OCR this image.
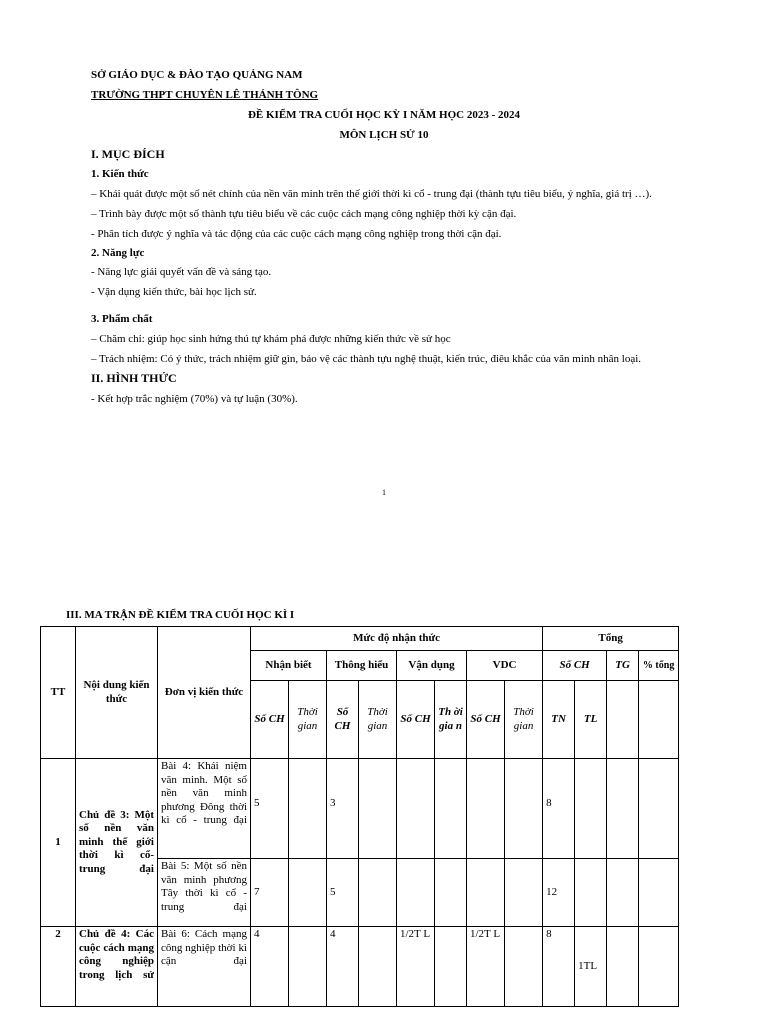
SỞ GIÁO DỤC & ĐÀO TẠO QUẢNG NAM
TRƯỜNG THPT CHUYÊN LÊ THÁNH TÔNG
ĐỀ KIỂM TRA CUỐI HỌC KỲ I NĂM HỌC 2023 - 2024
MÔN LỊCH SỬ 10
I. MỤC ĐÍCH
1. Kiến thức
– Khái quát được một số nét chính của nền văn minh trên thế giới thời kì cổ - trung đại (thành tựu tiêu biểu, ý nghĩa, giá trị …).
– Trình bày được một số thành tựu tiêu biểu về các cuộc cách mạng công nghiệp thời kỳ cận đại.
- Phân tích được ý nghĩa và tác động của các cuộc cách mạng công nghiệp trong thời cận đại.
2. Năng lực
- Năng lực giải quyết vấn đề và sáng tạo.
- Vận dụng kiến thức, bài học lịch sử.
3. Phẩm chất
– Chăm chỉ: giúp học sinh hứng thú tự khám phá được những kiến thức về sử học
– Trách nhiệm: Có ý thức, trách nhiệm giữ gìn, bảo vệ các thành tựu nghệ thuật, kiến trúc, điêu khắc của văn minh nhân loại.
II. HÌNH THỨC
- Kết hợp trắc nghiệm (70%) và tự luận (30%).
1
III. MA TRẬN ĐỀ KIỂM TRA CUỐI HỌC KÌ I
TT	Nội dung kiến thức	Đơn vị kiến thức	Mức độ nhận thức								Tổng			
			Nhận biết		Thông hiểu		Vận dụng		VDC		Số CH		TG	% tổng
			Số CH	Thời gian	Số CH	Thời gian	Số CH	Th ời gia n	Số CH	Thời gian	TN	TL		
1	Chủ đề 3: Một số nền văn minh thế giới thời kì cổ- trung đại	Bài 4: Khái niệm văn minh. Một số nền văn minh phương Đông thời kì cổ - trung đại	5		3						8			
		Bài 5: Một số nền văn minh phương Tây thời kì cổ -trung đại	7		5						12			
2	Chủ đề 4: Các cuộc cách mạng công nghiệp trong lịch sử	Bài 6: Cách mạng công nghiệp thời kì cận đại	4		4		1/2T L		1/2T L		8	1TL		
